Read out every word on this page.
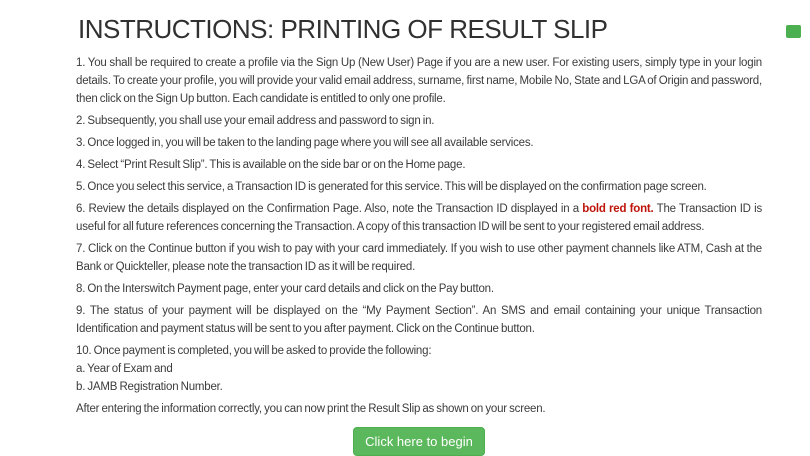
INSTRUCTIONS: PRINTING OF RESULT SLIP

1. You shall be required to create a profile via the Sign Up (New User) Page if you are a new user. For existing users, simply type in your login details. To create your profile, you will provide your valid email address, surname, first name, Mobile No, State and LGA of Origin and password, then click on the Sign Up button. Each candidate is entitled to only one profile.

2. Subsequently, you shall use your email address and password to sign in.

3. Once logged in, you will be taken to the landing page where you will see all available services.

4. Select “Print Result Slip”. This is available on the side bar or on the Home page.

5. Once you select this service, a Transaction ID is generated for this service. This will be displayed on the confirmation page screen.

6. Review the details displayed on the Confirmation Page. Also, note the Transaction ID displayed in a bold red font. The Transaction ID is useful for all future references concerning the Transaction. A copy of this transaction ID will be sent to your registered email address.

7. Click on the Continue button if you wish to pay with your card immediately. If you wish to use other payment channels like ATM, Cash at the Bank or Quickteller, please note the transaction ID as it will be required.

8. On the Interswitch Payment page, enter your card details and click on the Pay button.

9. The status of your payment will be displayed on the “My Payment Section”. An SMS and email containing your unique Transaction Identification and payment status will be sent to you after payment. Click on the Continue button.

10. Once payment is completed, you will be asked to provide the following:
a. Year of Exam and
b. JAMB Registration Number.

After entering the information correctly, you can now print the Result Slip as shown on your screen.

Click here to begin
